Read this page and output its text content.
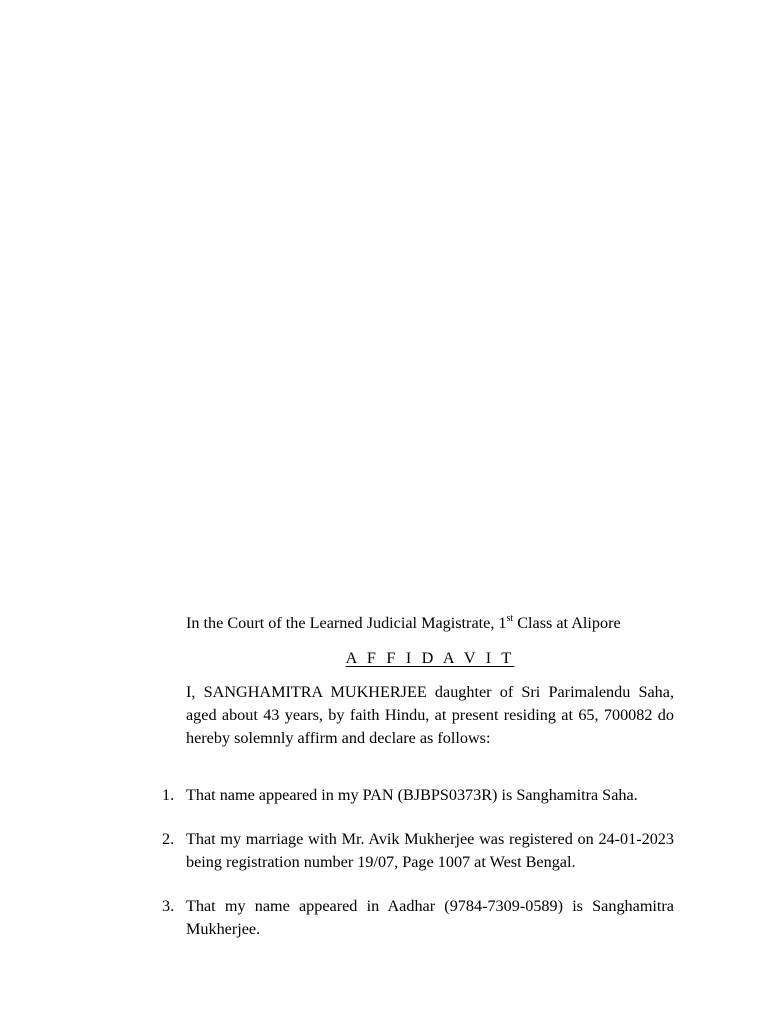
In the Court of the Learned Judicial Magistrate, 1st Class at Alipore
A F F I D A V I T
I, SANGHAMITRA MUKHERJEE daughter of Sri Parimalendu Saha, aged about 43 years, by faith Hindu, at present residing at 65, 700082 do hereby solemnly affirm and declare as follows:
1. That name appeared in my PAN (BJBPS0373R) is Sanghamitra Saha.
2. That my marriage with Mr. Avik Mukherjee was registered on 24-01-2023 being registration number 19/07, Page 1007 at West Bengal.
3. That my name appeared in Aadhar (9784-7309-0589) is Sanghamitra Mukherjee.
